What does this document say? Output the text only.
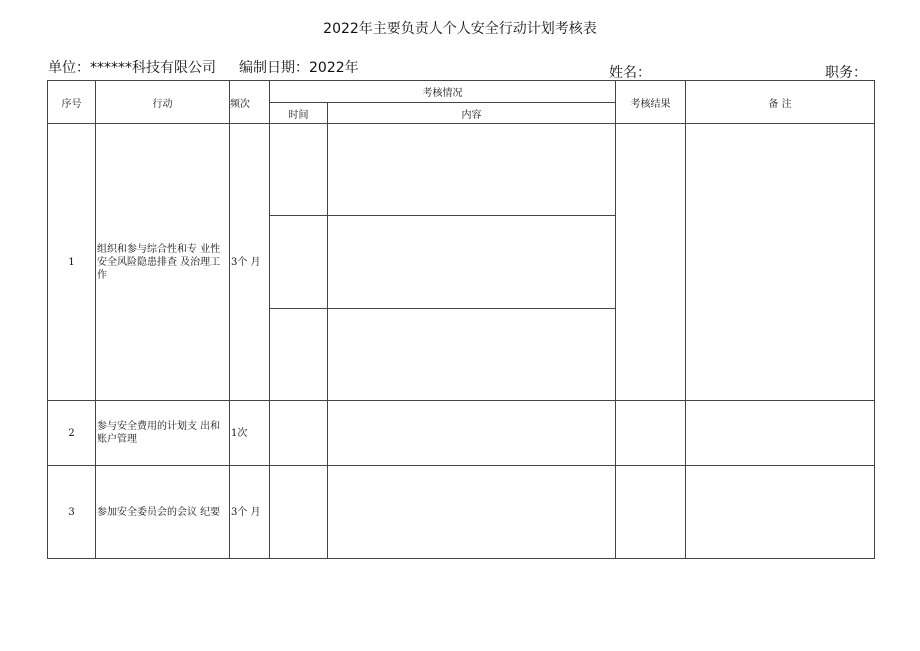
2022年主要负责人个人安全行动计划考核表
单位：******科技有限公司 编制日期：2022年	姓名：	职务：
序号	行动	频次	考核情况		考核结果	备 注
			时间	内容		
1	组织和参与综合性和专 业性安全风险隐患排查 及治理工作	3个 月				

2	参与安全费用的计划支 出和账户管理	1次				
3	参加安全委员会的会议 纪要	3个 月				
